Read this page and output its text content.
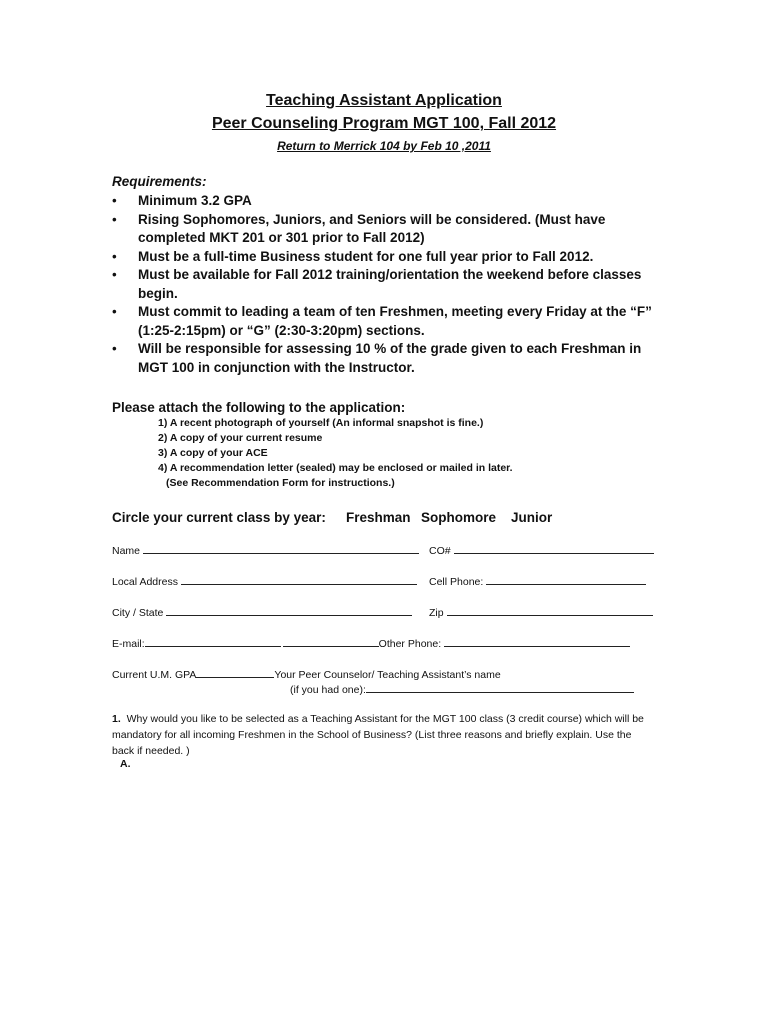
Teaching Assistant Application
Peer Counseling Program MGT 100, Fall 2012
Return to Merrick 104 by Feb 10 ,2011
Requirements:
• Minimum 3.2 GPA
• Rising Sophomores, Juniors, and Seniors will be considered. (Must have completed MKT 201 or 301 prior to Fall 2012)
• Must be a full-time Business student for one full year prior to Fall 2012.
• Must be available for Fall 2012 training/orientation the weekend before classes begin.
• Must commit to leading a team of ten Freshmen, meeting every Friday at the “F” (1:25-2:15pm) or “G” (2:30-3:20pm) sections.
• Will be responsible for assessing 10 % of the grade given to each Freshman in MGT 100 in conjunction with the Instructor.
Please attach the following to the application:
1) A recent photograph of yourself (An informal snapshot is fine.)
2) A copy of your current resume
3) A copy of your ACE
4) A recommendation letter (sealed) may be enclosed or mailed in later.
(See Recommendation Form for instructions.)
Circle your current class by year: Freshman Sophomore Junior
Name	CO#
Local Address	Cell Phone:
City / State	Zip
E-mail:	Other Phone:
Current U.M. GPA	Your Peer Counselor/ Teaching Assistant’s name
(if you had one):
1. Why would you like to be selected as a Teaching Assistant for the MGT 100 class (3 credit course) which will be mandatory for all incoming Freshmen in the School of Business? (List three reasons and briefly explain. Use the back if needed. )
A.
